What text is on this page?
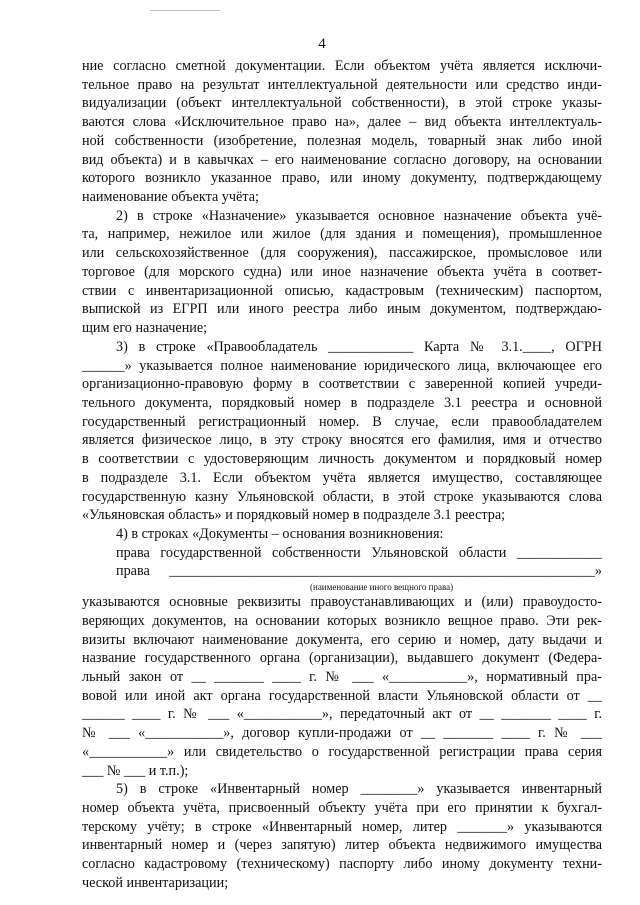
4
ние согласно сметной документации. Если объектом учёта является исключи-
тельное право на результат интеллектуальной деятельности или средство инди-
видуализации (объект интеллектуальной собственности), в этой строке указы-
ваются слова «Исключительное право на», далее – вид объекта интеллектуаль-
ной собственности (изобретение, полезная модель, товарный знак либо иной
вид объекта) и в кавычках – его наименование согласно договору, на основании
которого возникло указанное право, или иному документу, подтверждающему
наименование объекта учёта;
2) в строке «Назначение» указывается основное назначение объекта учё-
та, например, нежилое или жилое (для здания и помещения), промышленное
или сельскохозяйственное (для сооружения), пассажирское, промысловое или
торговое (для морского судна) или иное назначение объекта учёта в соответ-
ствии с инвентаризационной описью, кадастровым (техническим) паспортом,
выпиской из ЕГРП или иного реестра либо иным документом, подтверждаю-
щим его назначение;
3) в строке «Правообладатель ____________ Карта № 3.1.____, ОГРН
______» указывается полное наименование юридического лица, включающее его
организационно-правовую форму в соответствии с заверенной копией учреди-
тельного документа, порядковый номер в подразделе 3.1 реестра и основной
государственный регистрационный номер. В случае, если правообладателем
является физическое лицо, в эту строку вносятся его фамилия, имя и отчество
в соответствии с удостоверяющим личность документом и порядковый номер
в подразделе 3.1. Если объектом учёта является имущество, составляющее
государственную казну Ульяновской области, в этой строке указываются слова
«Ульяновская область» и порядковый номер в подразделе 3.1 реестра;
4) в строках «Документы – основания возникновения:
права государственной собственности Ульяновской области ____________
права ____________________________________________________________»
(наименование иного вещного права)
указываются основные реквизиты правоустанавливающих и (или) правоудосто-
веряющих документов, на основании которых возникло вещное право. Эти рек-
визиты включают наименование документа, его серию и номер, дату выдачи и
название государственного органа (организации), выдавшего документ (Федера-
льный закон от __ _______ ____ г. № ___ «___________», нормативный пра-
вовой или иной акт органа государственной власти Ульяновской области от __
______ ____ г. № ___ «___________», передаточный акт от __ _______ ____ г.
№ ___ «___________», договор купли-продажи от __ _______ ____ г. № ___
«___________» или свидетельство о государственной регистрации права серия
___ № ___ и т.п.);
5) в строке «Инвентарный номер ________» указывается инвентарный
номер объекта учёта, присвоенный объекту учёта при его принятии к бухгал-
терскому учёту; в строке «Инвентарный номер, литер _______» указываются
инвентарный номер и (через запятую) литер объекта недвижимого имущества
согласно кадастровому (техническому) паспорту либо иному документу техни-
ческой инвентаризации;
